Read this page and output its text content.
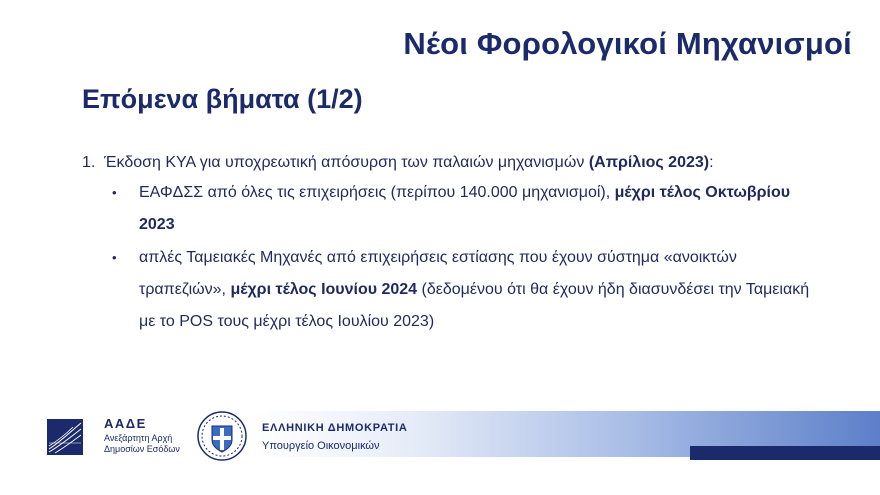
Νέοι Φορολογικοί Μηχανισμοί
Επόμενα βήματα (1/2)
1. Έκδοση ΚΥΑ για υποχρεωτική απόσυρση των παλαιών μηχανισμών (Απρίλιος 2023):
•	ΕΑΦΔΣΣ από όλες τις επιχειρήσεις (περίπου 140.000 μηχανισμοί), μέχρι τέλος Οκτωβρίου 2023
•	απλές Ταμειακές Μηχανές από επιχειρήσεις εστίασης που έχουν σύστημα «ανοικτών τραπεζιών», μέχρι τέλος Ιουνίου 2024 (δεδομένου ότι θα έχουν ήδη διασυνδέσει την Ταμειακή με το POS τους μέχρι τέλος Ιουλίου 2023)
ΑΑΔΕ
Ανεξάρτητη Αρχή Δημοσίων Εσόδων
ΕΛΛΗΝΙΚΗ ΔΗΜΟΚΡΑΤΙΑ
Υπουργείο Οικονομικών
